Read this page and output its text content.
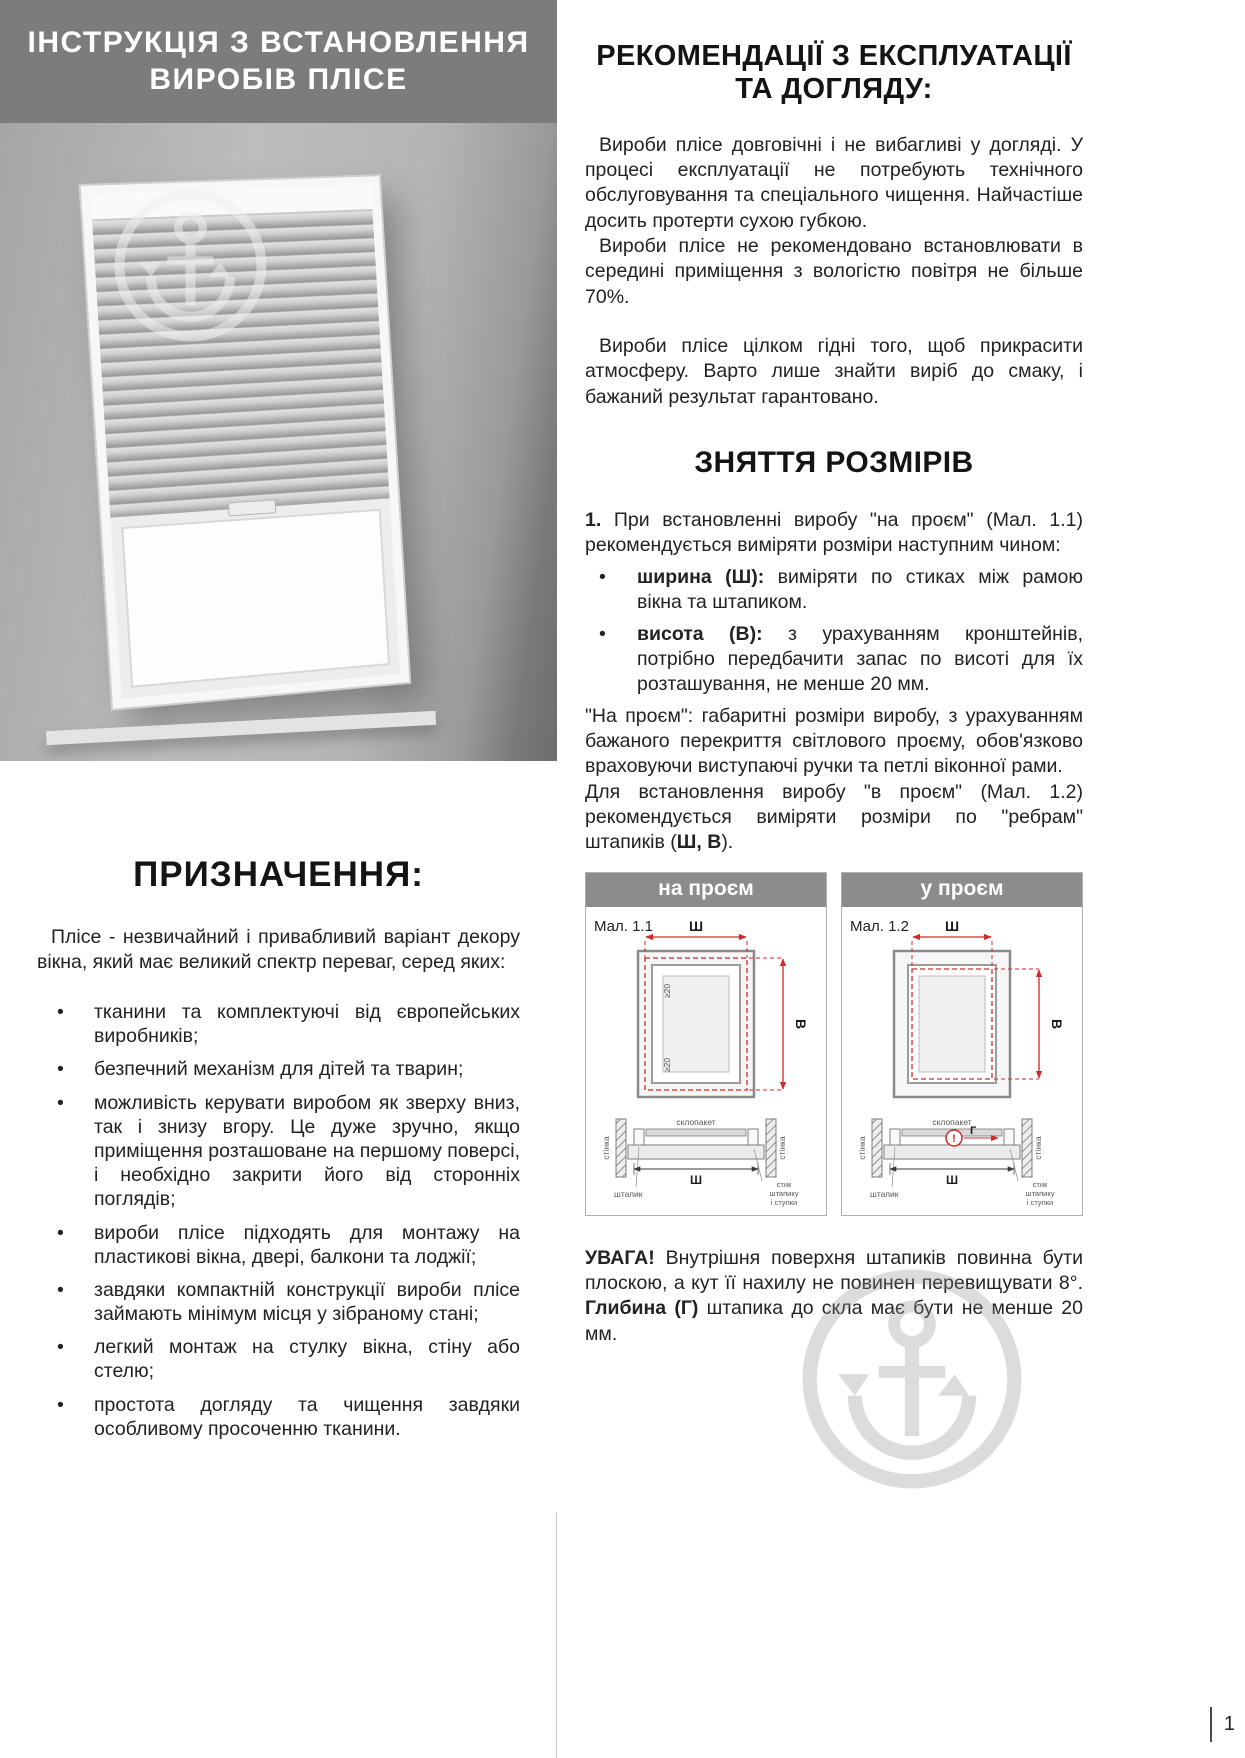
ІНСТРУКЦІЯ З ВСТАНОВЛЕННЯ
ВИРОБІВ ПЛІСЕ
ПРИЗНАЧЕННЯ:

Плісе - незвичайний і привабливий варіант декору вікна, який має великий спектр переваг, серед яких:

• тканини та комплектуючі від європейських виробників;
• безпечний механізм для дітей та тварин;
• можливість керувати виробом як зверху вниз, так і знизу вгору. Це дуже зручно, якщо приміщення розташоване на першому поверсі, і необхідно закрити його від сторонніх поглядів;
• вироби плісе підходять для монтажу на пластикові вікна, двері, балкони та лоджії;
• завдяки компактній конструкції вироби плісе займають мінімум місця у зібраному стані;
• легкий монтаж на стулку вікна, стіну або стелю;
• простота догляду та чищення завдяки особливому просоченню тканини.
РЕКОМЕНДАЦІЇ З ЕКСПЛУАТАЦІЇ
ТА ДОГЛЯДУ:

Вироби плісе довговічні і не вибагливі у догляді. У процесі експлуатації не потребують технічного обслуговування та спеціального чищення. Найчастіше досить протерти сухою губкою.

Вироби плісе не рекомендовано встановлювати в середині приміщення з вологістю повітря не більше 70%.

Вироби плісе цілком гідні того, щоб прикрасити атмосферу. Варто лише знайти виріб до смаку, і бажаний результат гарантовано.

ЗНЯТТЯ РОЗМІРІВ

1. При встановленні виробу "на проєм" (Мал. 1.1) рекомендується виміряти розміри наступним чином:

• ширина (Ш): виміряти по стиках між рамою вікна та штапиком.
• висота (В): з урахуванням кронштейнів, потрібно передбачити запас по висоті для їх розташування, не менше 20 мм.

"На проєм": габаритні розміри виробу, з урахуванням бажаного перекриття світлового проєму, обов'язково враховуючи виступаючі ручки та петлі віконної рами.

Для встановлення виробу "в проєм" (Мал. 1.2) рекомендується виміряти розміри по "ребрам" штапиків (Ш, В).

на проєм
Мал. 1.1	Ш
В
≥20
≥20
стінка	стінка
склопакет
штапик
Ш	стик
штапику
і стулки
у проєм
Мал. 1.2	Ш
В
стінка	стінка
склопакет
!
Г
штапик
Ш	стик
штапику
і стулки

УВАГА! Внутрішня поверхня штапиків повинна бути плоскою, а кут її нахилу не повинен перевищувати 8°. Глибина (Г) штапика до скла має бути не менше 20 мм.

1
